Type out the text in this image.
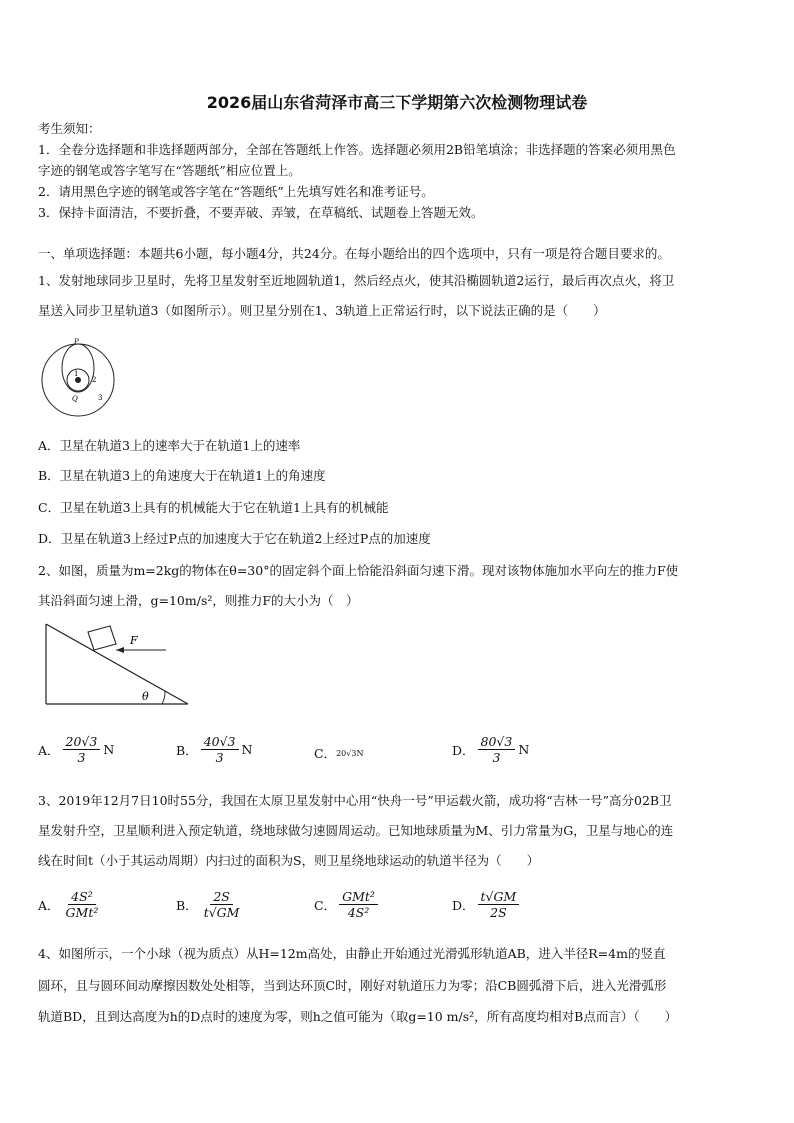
2026届山东省菏泽市高三下学期第六次检测物理试卷
考生须知：
1．全卷分选择题和非选择题两部分，全部在答题纸上作答。选择题必须用2B铅笔填涂；非选择题的答案必须用黑色
字迹的钢笔或答字笔写在“答题纸”相应位置上。
2．请用黑色字迹的钢笔或答字笔在“答题纸”上先填写姓名和准考证号。
3．保持卡面清洁，不要折叠，不要弄破、弄皱，在草稿纸、试题卷上答题无效。
一、单项选择题：本题共6小题，每小题4分，共24分。在每小题给出的四个选项中，只有一项是符合题目要求的。
1、发射地球同步卫星时，先将卫星发射至近地圆轨道1，然后经点火，使其沿椭圆轨道2运行，最后再次点火，将卫
星送入同步卫星轨道3（如图所示）。则卫星分别在1、3轨道上正常运行时，以下说法正确的是（　　）
P
Q
1
2
3
A．卫星在轨道3上的速率大于在轨道1上的速率
B．卫星在轨道3上的角速度大于在轨道1上的角速度
C．卫星在轨道3上具有的机械能大于它在轨道1上具有的机械能
D．卫星在轨道3上经过P点的加速度大于它在轨道2上经过P点的加速度
2、如图，质量为m=2kg的物体在θ=30°的固定斜个面上恰能沿斜面匀速下滑。现对该物体施加水平向左的推力F使
其沿斜面匀速上滑，g=10m/s²，则推力F的大小为（　）
F
θ
A． $\frac{20√3}{3}$ N	B． $\frac{40√3}{3}$ N	C． 20√3N	D． $\frac{80√3}{3}$ N
3、2019年12月7日10时55分，我国在太原卫星发射中心用“快舟一号”甲运载火箭，成功将“吉林一号”高分02B卫
星发射升空，卫星顺利进入预定轨道，绕地球做匀速圆周运动。已知地球质量为M、引力常量为G，卫星与地心的连
线在时间t（小于其运动周期）内扫过的面积为S，则卫星绕地球运动的轨道半径为（　　）
A． $\frac{\text{4S²}}{\text{GMt²}}$	B． $\frac{2S}{t√GM}$	C． $\frac{\text{GMt²}}{\text{4S²}}$	D． $\frac{t√GM}{2S}$
4、如图所示，一个小球（视为质点）从H=12m高处，由静止开始通过光滑弧形轨道AB，进入半径R=4m的竖直
圆环，且与圆环间动摩擦因数处处相等，当到达环顶C时，刚好对轨道压力为零；沿CB圆弧滑下后，进入光滑弧形
轨道BD，且到达高度为h的D点时的速度为零，则h之值可能为（取g=10 m/s²，所有高度均相对B点而言）（　　）
